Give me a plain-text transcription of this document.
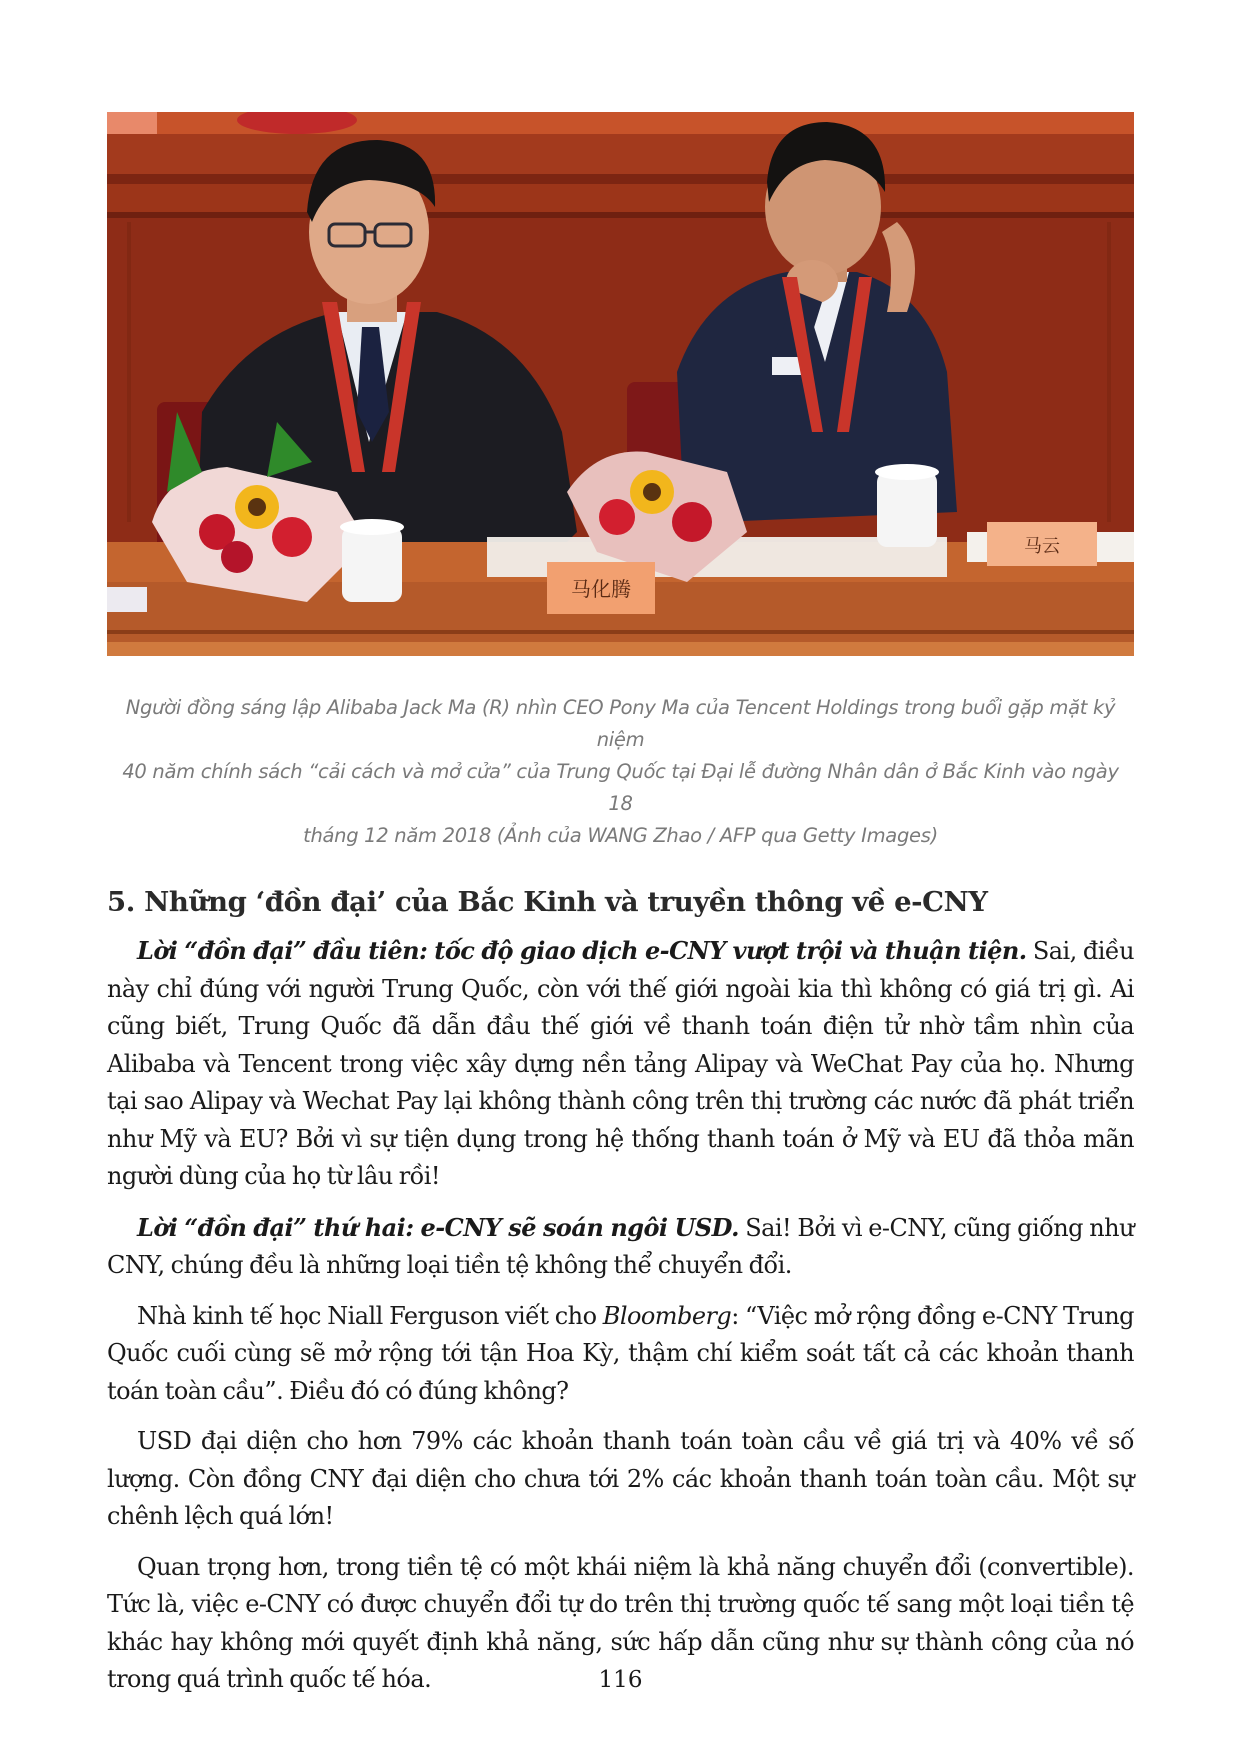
马化腾
马云
Người đồng sáng lập Alibaba Jack Ma (R) nhìn CEO Pony Ma của Tencent Holdings trong buổi gặp mặt kỷ niệm
40 năm chính sách “cải cách và mở cửa” của Trung Quốc tại Đại lễ đường Nhân dân ở Bắc Kinh vào ngày 18
tháng 12 năm 2018 (Ảnh của WANG Zhao / AFP qua Getty Images)
5. Những ‘đồn đại’ của Bắc Kinh và truyền thông về e-CNY

Lời “đồn đại” đầu tiên: tốc độ giao dịch e-CNY vượt trội và thuận tiện. Sai, điều này chỉ đúng với người Trung Quốc, còn với thế giới ngoài kia thì không có giá trị gì. Ai cũng biết, Trung Quốc đã dẫn đầu thế giới về thanh toán điện tử nhờ tầm nhìn của Alibaba và Tencent trong việc xây dựng nền tảng Alipay và WeChat Pay của họ. Nhưng tại sao Alipay và Wechat Pay lại không thành công trên thị trường các nước đã phát triển như Mỹ và EU? Bởi vì sự tiện dụng trong hệ thống thanh toán ở Mỹ và EU đã thỏa mãn người dùng của họ từ lâu rồi!

Lời “đồn đại” thứ hai: e-CNY sẽ soán ngôi USD. Sai! Bởi vì e-CNY, cũng giống như CNY, chúng đều là những loại tiền tệ không thể chuyển đổi.

Nhà kinh tế học Niall Ferguson viết cho Bloomberg: “Việc mở rộng đồng e-CNY Trung Quốc cuối cùng sẽ mở rộng tới tận Hoa Kỳ, thậm chí kiểm soát tất cả các khoản thanh toán toàn cầu”. Điều đó có đúng không?

USD đại diện cho hơn 79% các khoản thanh toán toàn cầu về giá trị và 40% về số lượng. Còn đồng CNY đại diện cho chưa tới 2% các khoản thanh toán toàn cầu. Một sự chênh lệch quá lớn!

Quan trọng hơn, trong tiền tệ có một khái niệm là khả năng chuyển đổi (convertible). Tức là, việc e-CNY có được chuyển đổi tự do trên thị trường quốc tế sang một loại tiền tệ khác hay không mới quyết định khả năng, sức hấp dẫn cũng như sự thành công của nó trong quá trình quốc tế hóa.	116
